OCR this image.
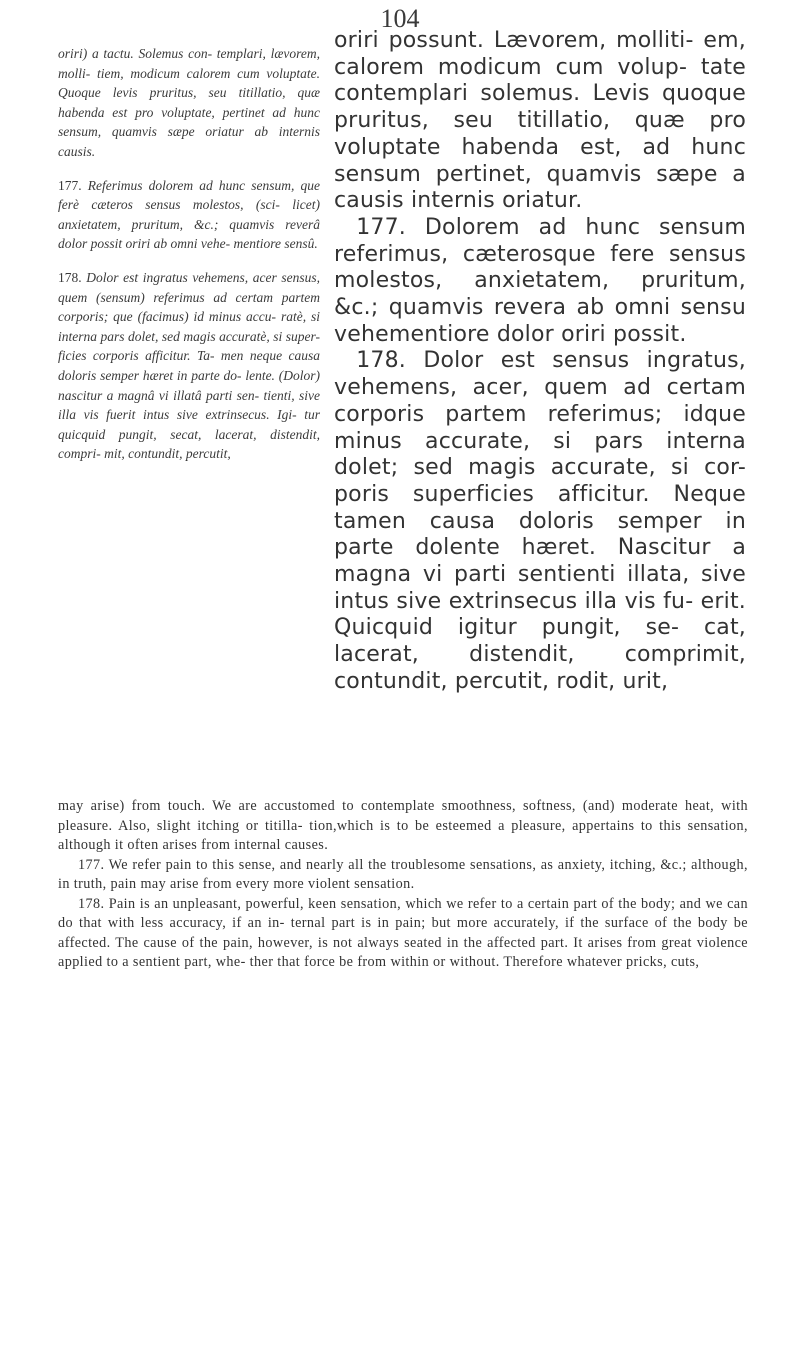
104

oriri) a tactu. Solemus con- templari, lævorem, molli- tiem, modicum calorem cum voluptate. Quoque levis pruritus, seu titillatio, quæ habenda est pro voluptate, pertinet ad hunc sensum, quamvis sæpe oriatur ab internis causis.

177. Referimus dolorem ad hunc sensum, que ferè cæteros sensus molestos, (sci- licet) anxietatem, pruritum, &c.; quamvis reverâ dolor possit oriri ab omni vehe- mentiore sensû.

178. Dolor est ingratus vehemens, acer sensus, quem (sensum) referimus ad certam partem corporis; que (facimus) id minus accu- ratè, si interna pars dolet, sed magis accuratè, si super- ficies corporis afficitur. Ta- men neque causa doloris semper hæret in parte do- lente. (Dolor) nascitur a magnâ vi illatâ parti sen- tienti, sive illa vis fuerit intus sive extrinsecus. Igi- tur quicquid pungit, secat, lacerat, distendit, compri- mit, contundit, percutit,

oriri possunt. Lævorem, molliti- em, calorem modicum cum volup- tate contemplari solemus. Levis quoque pruritus, seu titillatio, quæ pro voluptate habenda est, ad hunc sensum pertinet, quamvis sæpe a causis internis oriatur.

 177. Dolorem ad hunc sensum referimus, cæterosque fere sensus molestos, anxietatem, pruritum, &c.; quamvis revera ab omni sensu vehementiore dolor oriri possit.

 178. Dolor est sensus ingratus, vehemens, acer, quem ad certam corporis partem referimus; idque minus accurate, si pars interna dolet; sed magis accurate, si cor- poris superficies afficitur. Neque tamen causa doloris semper in parte dolente hæret. Nascitur a magna vi parti sentienti illata, sive intus sive extrinsecus illa vis fu- erit. Quicquid igitur pungit, se- cat, lacerat, distendit, comprimit, contundit, percutit, rodit, urit,

may arise) from touch. We are accustomed to contemplate smoothness, softness, (and) moderate heat, with pleasure. Also, slight itching or titilla- tion,which is to be esteemed a pleasure, appertains to this sensation, although it often arises from internal causes.

177. We refer pain to this sense, and nearly all the troublesome sensations, as anxiety, itching, &c.; although, in truth, pain may arise from every more violent sensation.

178. Pain is an unpleasant, powerful, keen sensation, which we refer to a certain part of the body; and we can do that with less accuracy, if an in- ternal part is in pain; but more accurately, if the surface of the body be affected. The cause of the pain, however, is not always seated in the affected part. It arises from great violence applied to a sentient part, whe- ther that force be from within or without. Therefore whatever pricks, cuts,
